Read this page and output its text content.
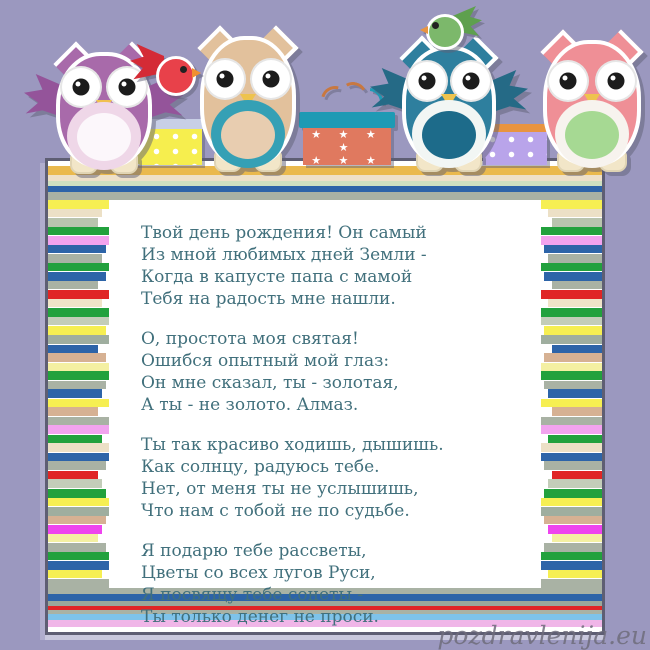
★ ★ ★ ★
★ ★ ★

Твой день рождения! Он самый

Из мной любимых дней Земли -

Когда в капусте папа с мамой

Тебя на радость мне нашли.

О, простота моя святая!

Ошибся опытный мой глаз:

Он мне сказал, ты - золотая,

А ты - не золото. Алмаз.

Ты так красиво ходишь, дышишь.

Как солнцу, радуюсь тебе.

Нет, от меня ты не услышишь,

Что нам с тобой не по судьбе.

Я подарю тебе рассветы,

Цветы со всех лугов Руси,

Я посвящу тебе сонеты -

Ты только денег не проси.

pozdravlenija.eu
